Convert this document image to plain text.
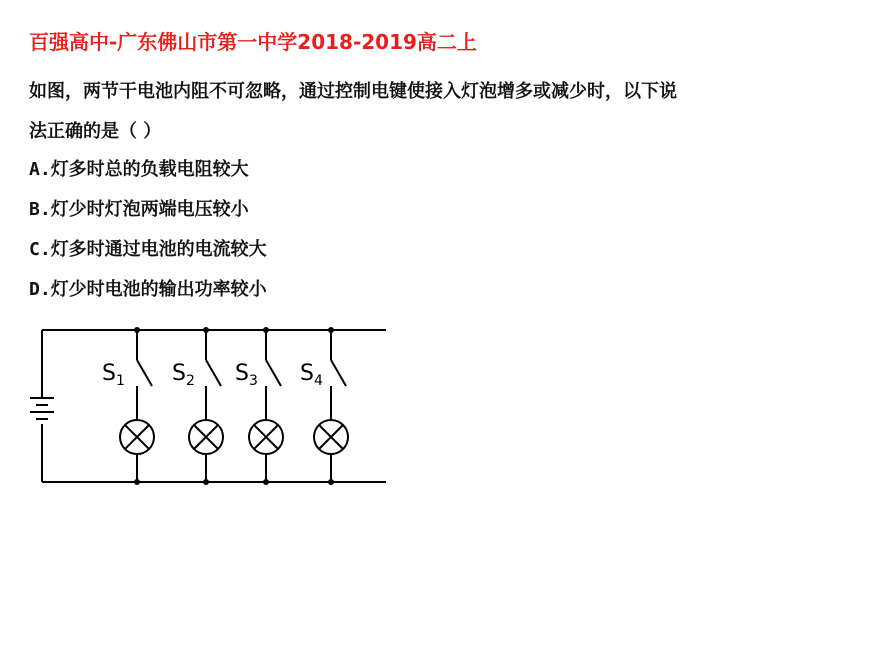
百强高中-广东佛山市第一中学2018-2019高二上
如图，两节干电池内阻不可忽略，通过控制电键使接入灯泡增多或减少时，以下说
法正确的是（ ）
A.灯多时总的负载电阻较大
B.灯少时灯泡两端电压较小
C.灯多时通过电池的电流较大
D.灯少时电池的输出功率较小
$S_1$ $S_2$ $S_3$ $S_4$
